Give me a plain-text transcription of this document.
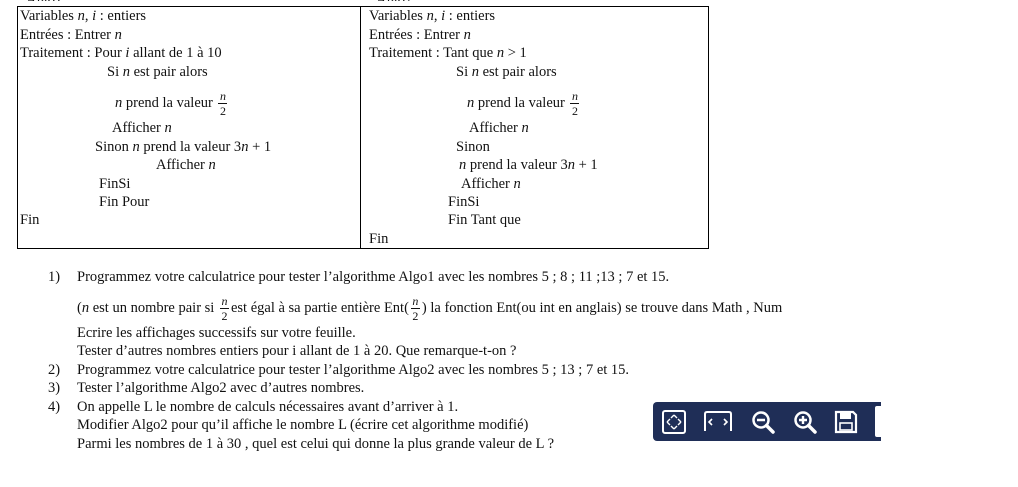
Variables n, i : entiers
Entrées : Entrer n
Traitement : Pour i allant de 1 à 10
Si n est pair alors
n prend la valeur $\frac{n}{2}$
Afficher n
Sinon n prend la valeur 3n + 1
Afficher n
FinSi
Fin Pour
Fin
Variables n, i : entiers
Entrées : Entrer n
Traitement : Tant que n > 1
Si n est pair alors
n prend la valeur $\frac{n}{2}$
Afficher n
Sinon
n prend la valeur 3n + 1
Afficher n
FinSi
Fin Tant que
Fin
1) Programmez votre calculatrice pour tester l’algorithme Algo1 avec les nombres 5 ; 8 ; 11 ;13 ; 7 et 15.
(n est un nombre pair si $\frac{n}{2}$ est égal à sa partie entière $Ent( \frac{n}{2}$ ) la fonction Ent(ou int en anglais) se trouve dans Math , Num
Ecrire les affichages successifs sur votre feuille.
Tester d’autres nombres entiers pour i allant de 1 à 20. Que remarque-t-on ?
2) Programmez votre calculatrice pour tester l’algorithme Algo2 avec les nombres 5 ; 13 ; 7 et 15.
3) Tester l’algorithme Algo2 avec d’autres nombres.
4) On appelle L le nombre de calculs nécessaires avant d’arriver à 1.
Modifier Algo2 pour qu’il affiche le nombre L (écrire cet algorithme modifié)
Parmi les nombres de 1 à 30 , quel est celui qui donne la plus grande valeur de L ?
